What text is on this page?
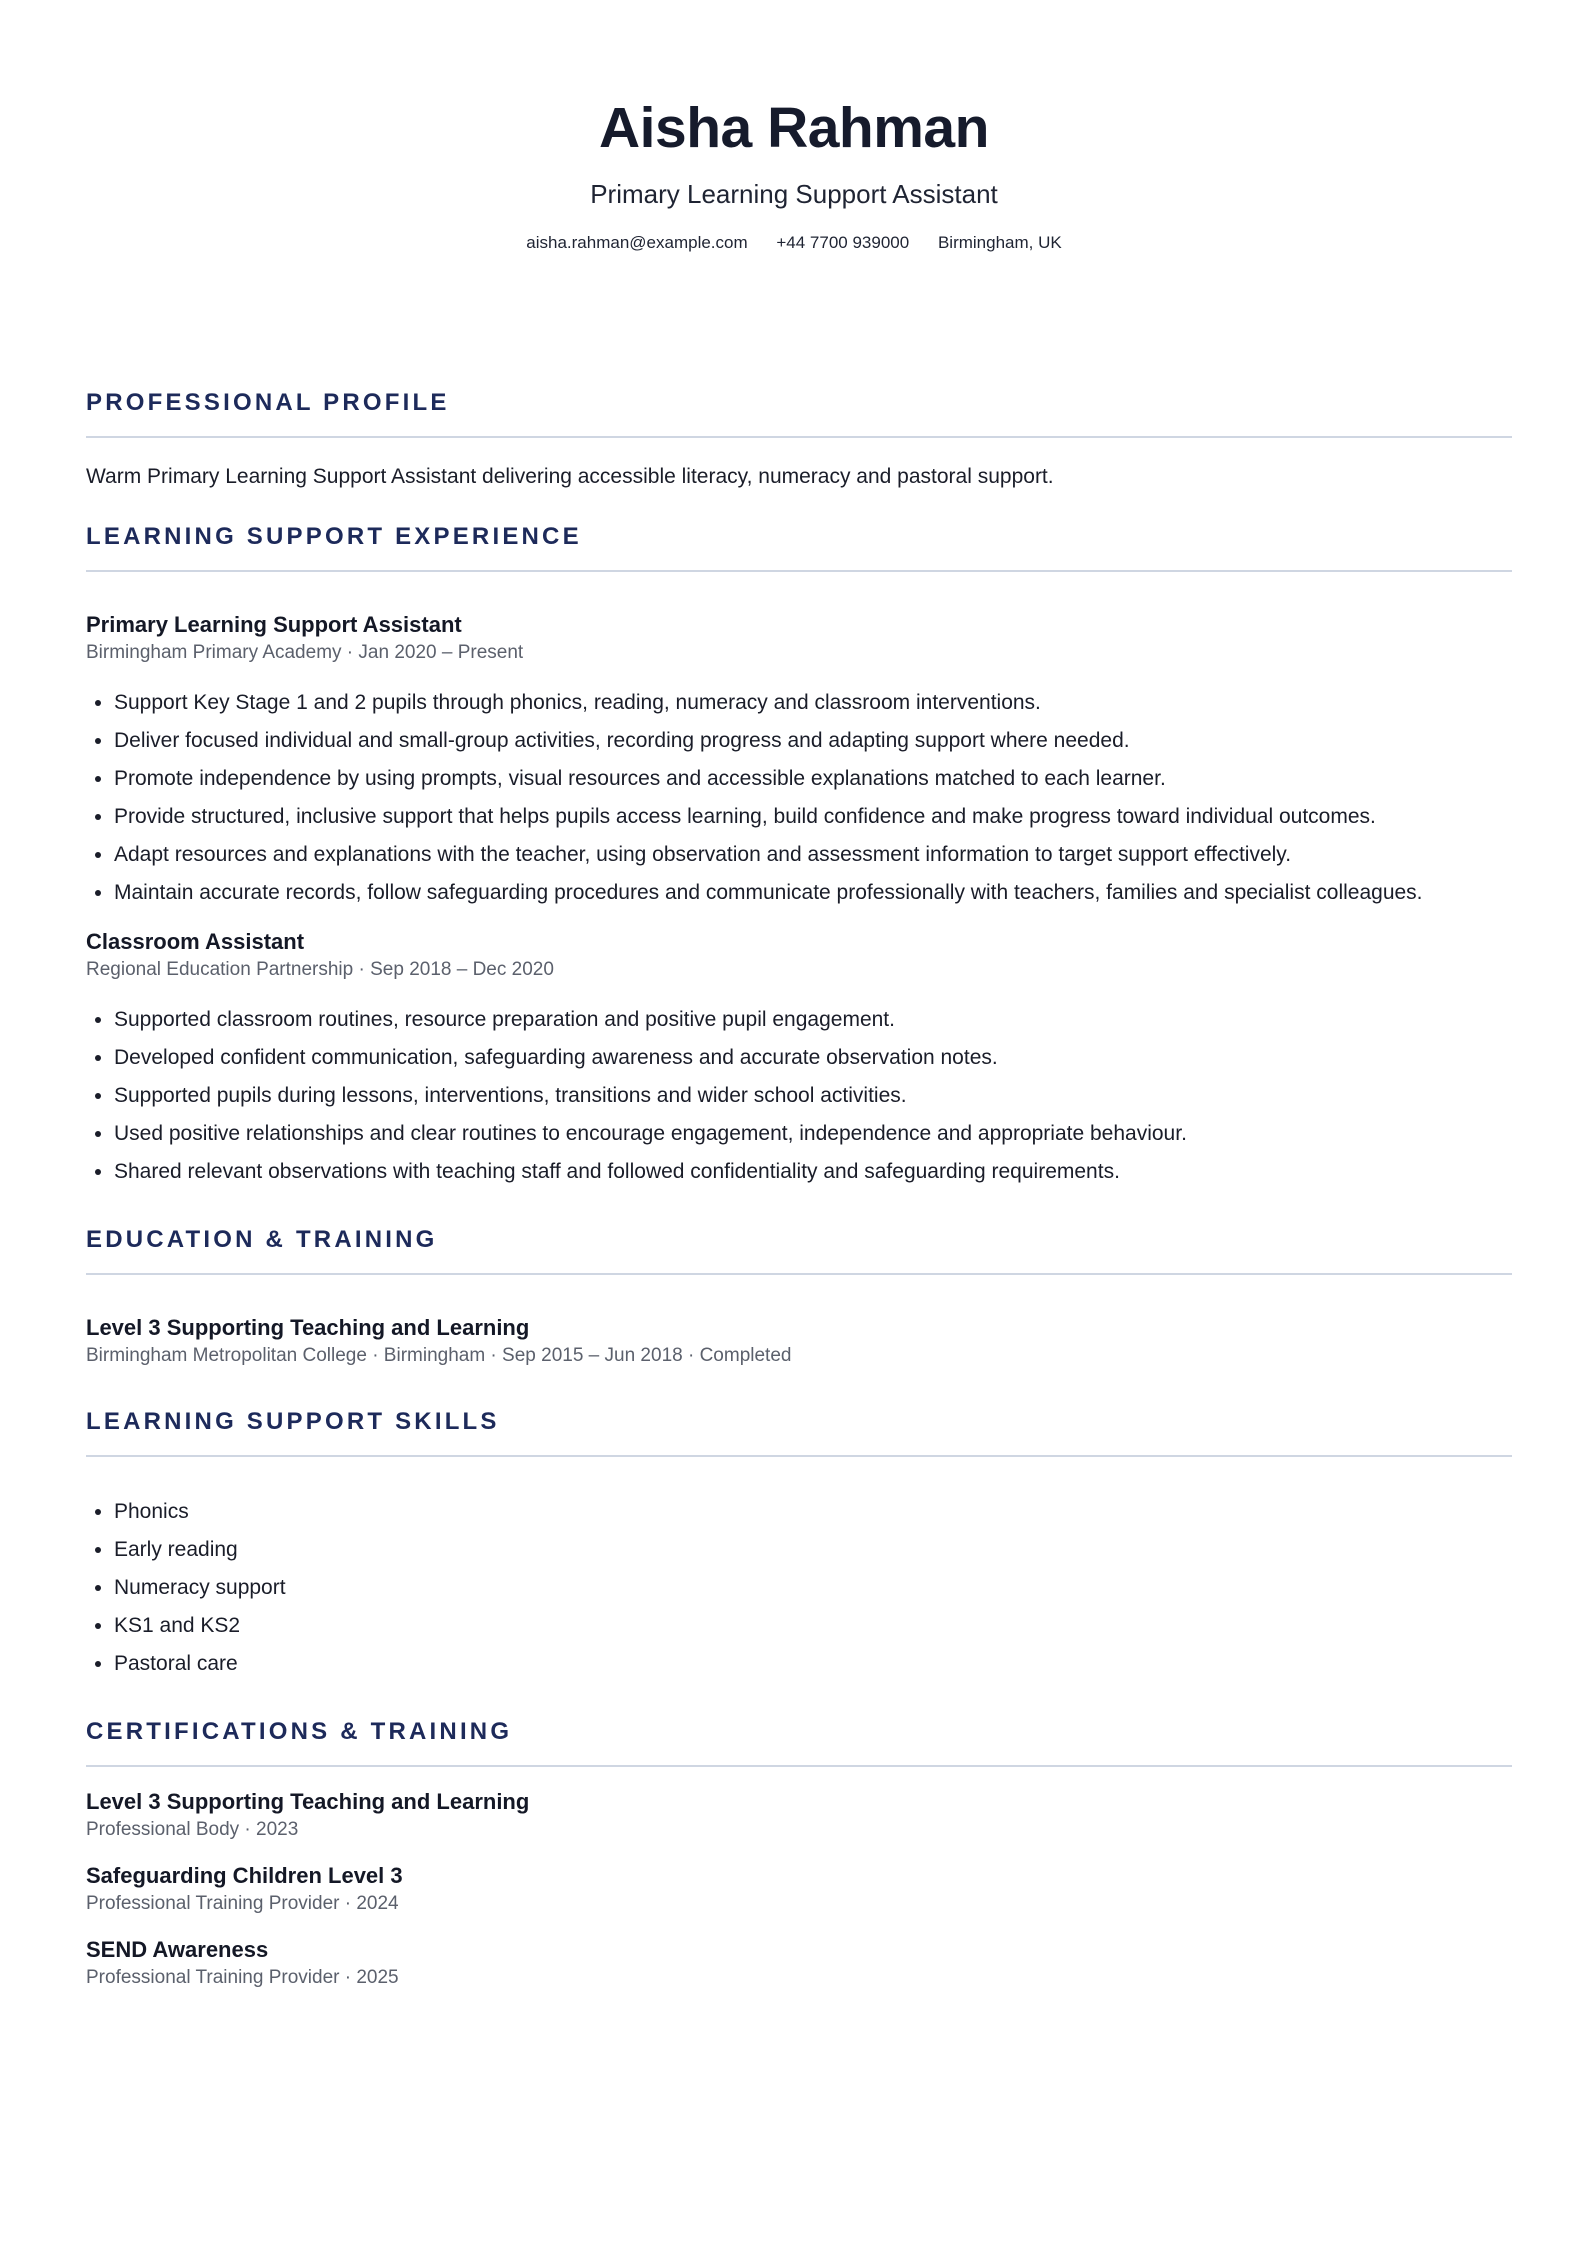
Aisha Rahman
Primary Learning Support Assistant
aisha.rahman@example.com +44 7700 939000 Birmingham, UK
PROFESSIONAL PROFILE

Warm Primary Learning Support Assistant delivering accessible literacy, numeracy and pastoral support.

LEARNING SUPPORT EXPERIENCE
Primary Learning Support Assistant
Birmingham Primary Academy · Jan 2020 – Present
• Support Key Stage 1 and 2 pupils through phonics, reading, numeracy and classroom interventions.
• Deliver focused individual and small-group activities, recording progress and adapting support where needed.
• Promote independence by using prompts, visual resources and accessible explanations matched to each learner.
• Provide structured, inclusive support that helps pupils access learning, build confidence and make progress toward individual outcomes.
• Adapt resources and explanations with the teacher, using observation and assessment information to target support effectively.
• Maintain accurate records, follow safeguarding procedures and communicate professionally with teachers, families and specialist colleagues.
Classroom Assistant
Regional Education Partnership · Sep 2018 – Dec 2020
• Supported classroom routines, resource preparation and positive pupil engagement.
• Developed confident communication, safeguarding awareness and accurate observation notes.
• Supported pupils during lessons, interventions, transitions and wider school activities.
• Used positive relationships and clear routines to encourage engagement, independence and appropriate behaviour.
• Shared relevant observations with teaching staff and followed confidentiality and safeguarding requirements.
EDUCATION & TRAINING
Level 3 Supporting Teaching and Learning
Birmingham Metropolitan College · Birmingham · Sep 2015 – Jun 2018 · Completed
LEARNING SUPPORT SKILLS
• Phonics
• Early reading
• Numeracy support
• KS1 and KS2
• Pastoral care
CERTIFICATIONS & TRAINING
Level 3 Supporting Teaching and Learning
Professional Body · 2023
Safeguarding Children Level 3
Professional Training Provider · 2024
SEND Awareness
Professional Training Provider · 2025
